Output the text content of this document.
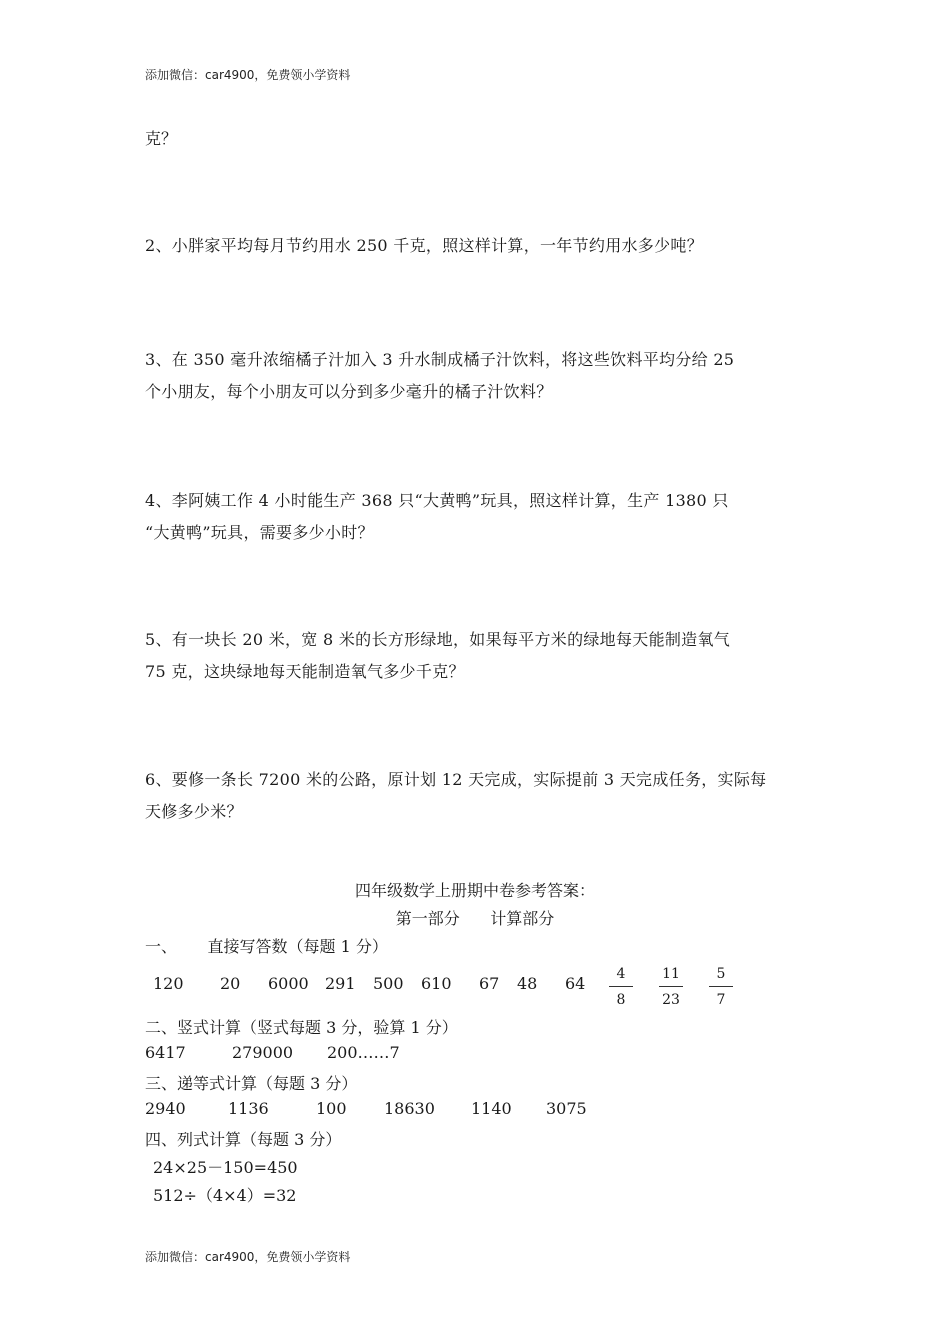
添加微信：car4900，免费领小学资料
克？
2、小胖家平均每月节约用水 250 千克，照这样计算，一年节约用水多少吨？
3、在 350 毫升浓缩橘子汁加入 3 升水制成橘子汁饮料，将这些饮料平均分给 25
个小朋友，每个小朋友可以分到多少毫升的橘子汁饮料？
4、李阿姨工作 4 小时能生产 368 只“大黄鸭”玩具，照这样计算，生产 1380 只
“大黄鸭”玩具，需要多少小时？
5、有一块长 20 米，宽 8 米的长方形绿地，如果每平方米的绿地每天能制造氧气
75 克，这块绿地每天能制造氧气多少千克？
6、要修一条长 7200 米的公路，原计划 12 天完成，实际提前 3 天完成任务，实际每
天修多少米？
四年级数学上册期中卷参考答案：
第一部分      计算部分
一、      直接写答数（每题 1 分）
120 20 6000 291 500 610 67 48 64	4
8
11
23
5
7
二、竖式计算（竖式每题 3 分，验算 1 分）
6417	279000 200……7
三、递等式计算（每题 3 分）
2940	1136	100 18630 1140 3075
四、列式计算（每题 3 分）
24×25－150=450
512÷（4×4）=32
添加微信：car4900，免费领小学资料
